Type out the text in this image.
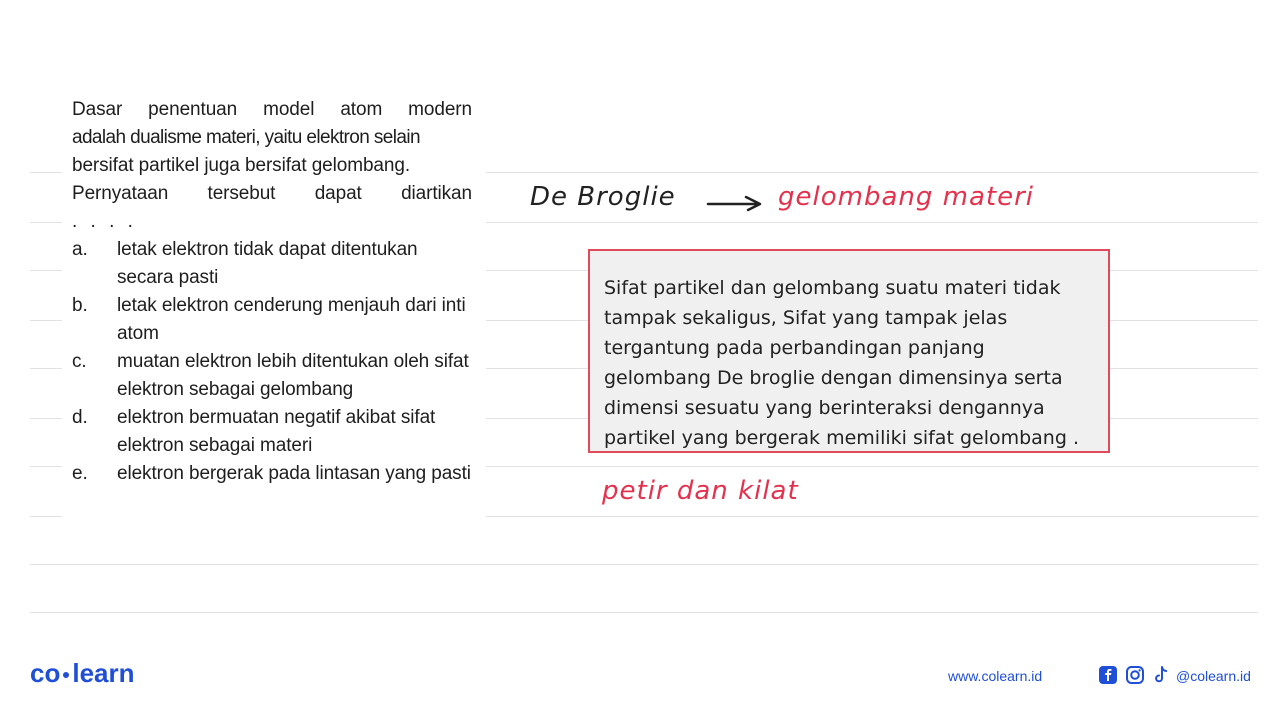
Dasar penentuan model atom modern
adalah dualisme materi, yaitu elektron selain
bersifat partikel juga bersifat gelombang.
Pernyataan tersebut dapat diartikan
. . . .
a. letak elektron tidak dapat ditentukan secara pasti
b. letak elektron cenderung menjauh dari inti atom
c. muatan elektron lebih ditentukan oleh sifat elektron sebagai gelombang
d. elektron bermuatan negatif akibat sifat elektron sebagai materi
e. elektron bergerak pada lintasan yang pasti
De Broglie	gelombang materi
Sifat partikel dan gelombang suatu materi tidak tampak sekaligus, Sifat yang tampak jelas tergantung pada perbandingan panjang gelombang De broglie dengan dimensinya serta dimensi sesuatu yang berinteraksi dengannya partikel yang bergerak memiliki sifat gelombang .
petir dan kilat
co learn	www.colearn.id	@colearn.id
